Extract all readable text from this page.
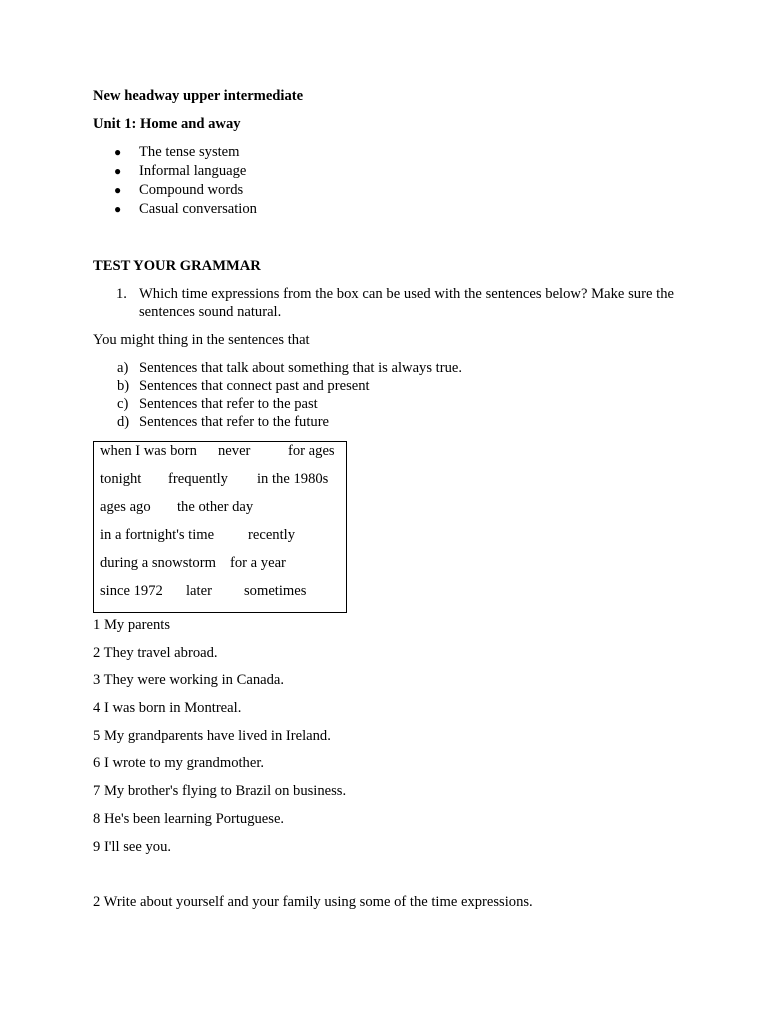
New headway upper intermediate
Unit 1: Home and away
● The tense system
● Informal language
● Compound words
● Casual conversation
TEST YOUR GRAMMAR
1. Which time expressions from the box can be used with the sentences below? Make sure the sentences sound natural.
You might thing in the sentences that
a) Sentences that talk about something that is always true.
b) Sentences that connect past and present
c) Sentences that refer to the past
d) Sentences that refer to the future
when I was born never	for ages
tonight frequently in the 1980s
ages ago the other day
in a fortnight's time recently
during a snowstorm for a year
since 1972 later sometimes
1 My parents
2 They travel abroad.
3 They were working in Canada.
4 I was born in Montreal.
5 My grandparents have lived in Ireland.
6 I wrote to my grandmother.
7 My brother's flying to Brazil on business.
8 He's been learning Portuguese.
9 I'll see you.
2 Write about yourself and your family using some of the time expressions.
